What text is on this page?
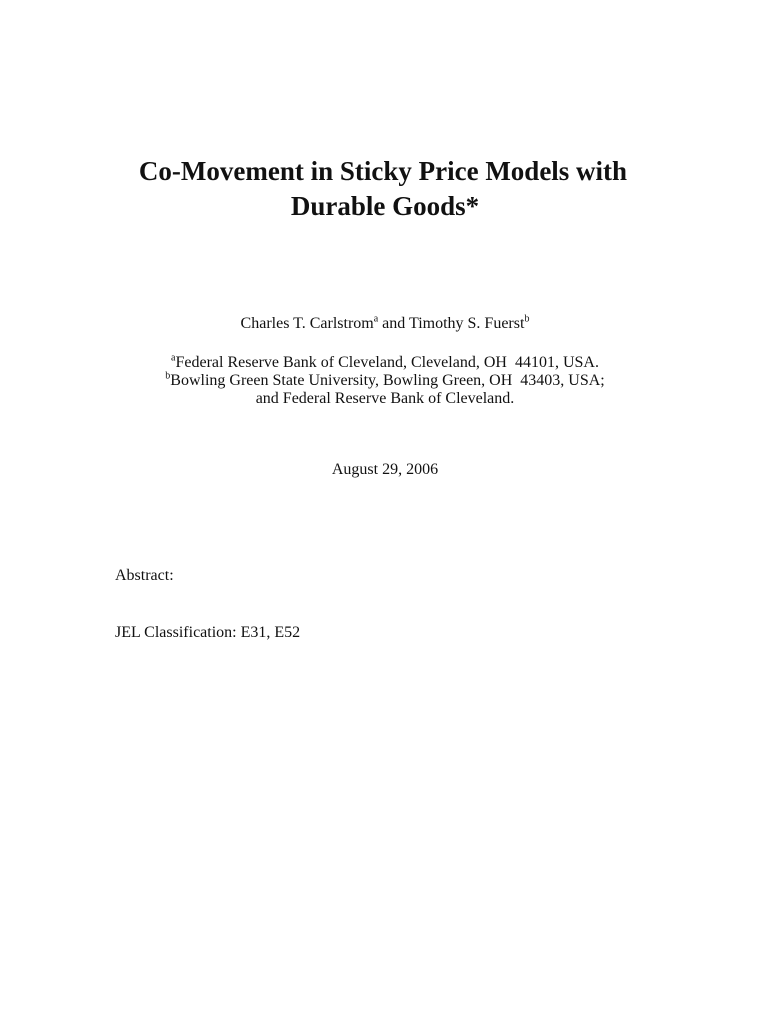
Co-Movement in Sticky Price Models with
Durable Goods*
Charles T. Carlstrom$^a$ and Timothy S. Fuerst$^b$
$^a$Federal Reserve Bank of Cleveland, Cleveland, OH  44101, USA.
$^b$Bowling Green State University, Bowling Green, OH  43403, USA;
and Federal Reserve Bank of Cleveland.
August 29, 2006
Abstract:
JEL Classification: E31, E52
